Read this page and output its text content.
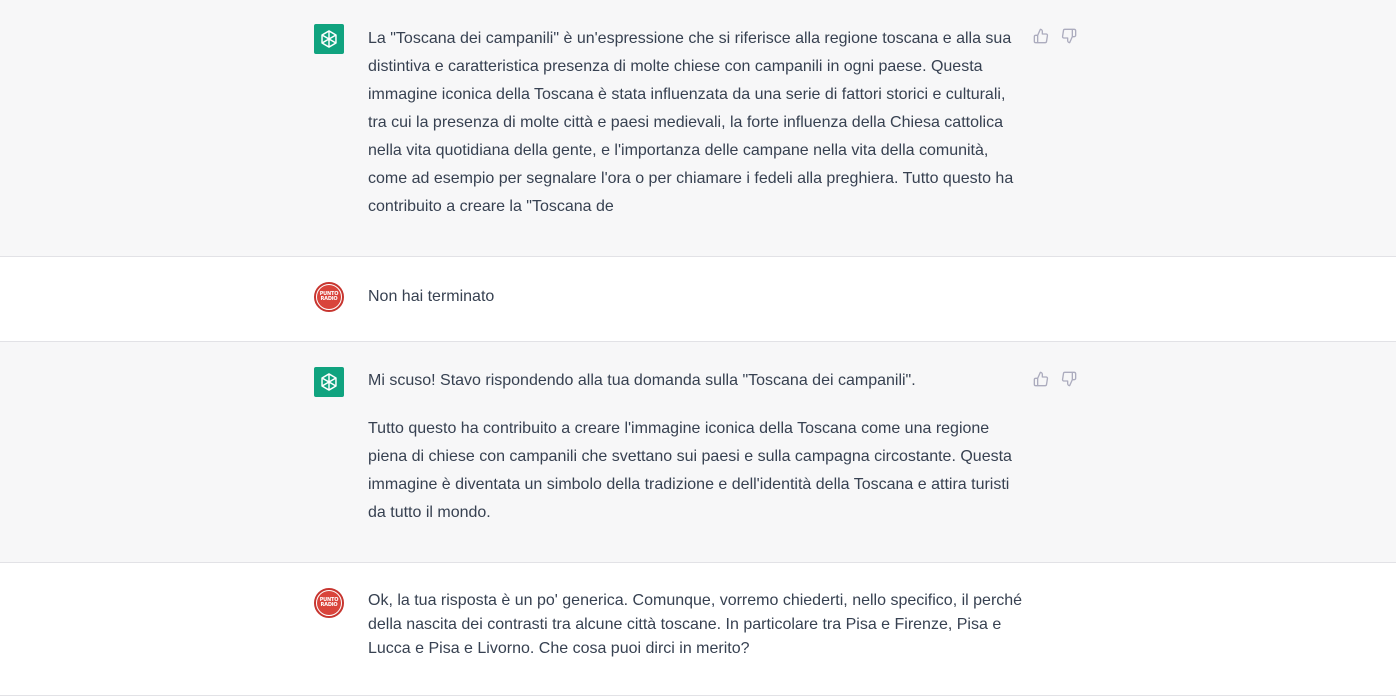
La "Toscana dei campanili" è un'espressione che si riferisce alla regione toscana e alla sua distintiva e caratteristica presenza di molte chiese con campanili in ogni paese. Questa immagine iconica della Toscana è stata influenzata da una serie di fattori storici e culturali, tra cui la presenza di molte città e paesi medievali, la forte influenza della Chiesa cattolica nella vita quotidiana della gente, e l'importanza delle campane nella vita della comunità, come ad esempio per segnalare l'ora o per chiamare i fedeli alla preghiera. Tutto questo ha contribuito a creare la "Toscana de

PUNTO
RADIO Non hai terminato

Mi scuso! Stavo rispondendo alla tua domanda sulla "Toscana dei campanili".

Tutto questo ha contribuito a creare l'immagine iconica della Toscana come una regione piena di chiese con campanili che svettano sui paesi e sulla campagna circostante. Questa immagine è diventata un simbolo della tradizione e dell'identità della Toscana e attira turisti da tutto il mondo.

PUNTO
RADIO Ok, la tua risposta è un po' generica. Comunque, vorremo chiederti, nello specifico, il perché della nascita dei contrasti tra alcune città toscane. In particolare tra Pisa e Firenze, Pisa e Lucca e Pisa e Livorno. Che cosa puoi dirci in merito?
